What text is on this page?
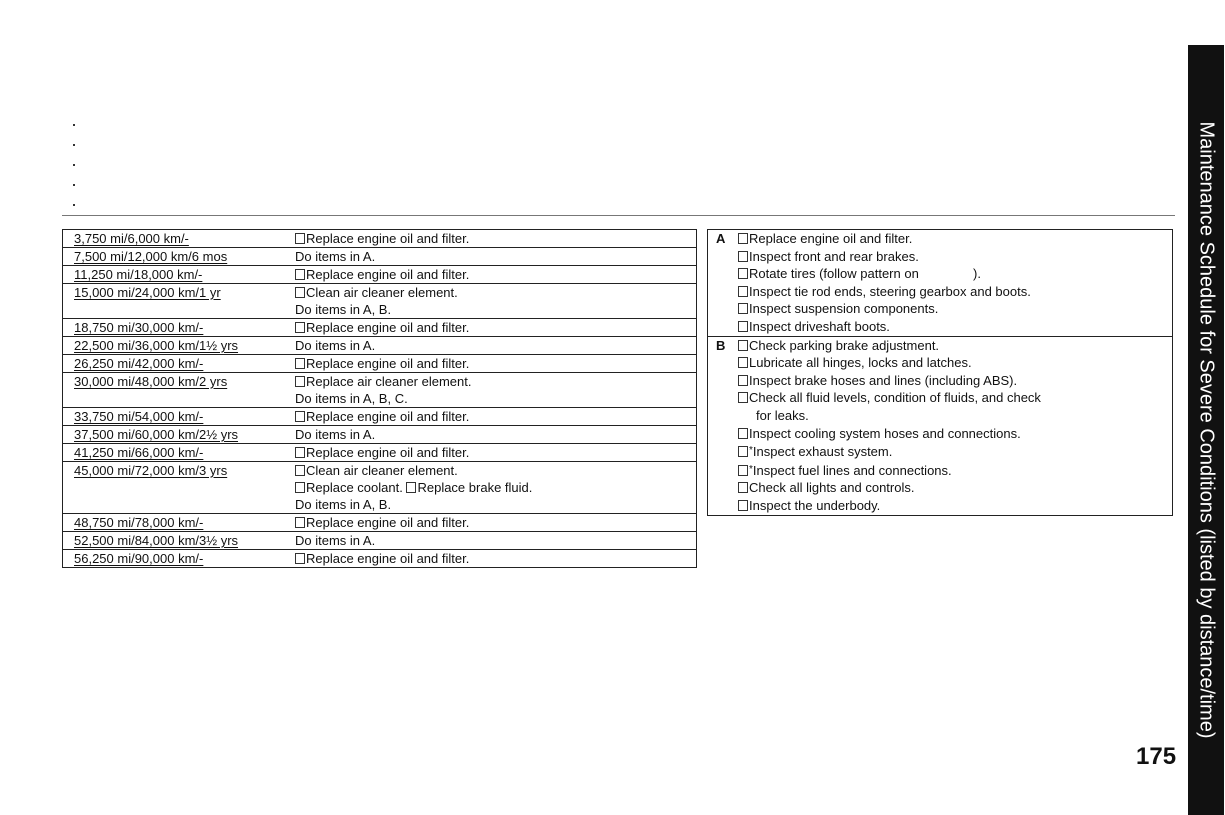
3,750 mi/6,000 km/-	Replace engine oil and filter.

7,500 mi/12,000 km/6 mos	Do items in A.

11,250 mi/18,000 km/-	Replace engine oil and filter.

15,000 mi/24,000 km/1 yr	Clean air cleaner element.
Do items in A, B.

18,750 mi/30,000 km/-	Replace engine oil and filter.

22,500 mi/36,000 km/1½ yrs	Do items in A.

26,250 mi/42,000 km/-	Replace engine oil and filter.

30,000 mi/48,000 km/2 yrs	Replace air cleaner element.
Do items in A, B, C.

33,750 mi/54,000 km/-	Replace engine oil and filter.

37,500 mi/60,000 km/2½ yrs	Do items in A.

41,250 mi/66,000 km/-	Replace engine oil and filter.

45,000 mi/72,000 km/3 yrs	Clean air cleaner element.
Replace coolant. Replace brake fluid.
Do items in A, B.

48,750 mi/78,000 km/-	Replace engine oil and filter.

52,500 mi/84,000 km/3½ yrs	Do items in A.

56,250 mi/90,000 km/-	Replace engine oil and filter.
A	Replace engine oil and filter.
Inspect front and rear brakes.
Rotate tires (follow pattern on               ).
Inspect tie rod ends, steering gearbox and boots.
Inspect suspension components.
Inspect driveshaft boots.
B	Check parking brake adjustment.
Lubricate all hinges, locks and latches.
Inspect brake hoses and lines (including ABS).
Check all fluid levels, condition of fluids, and check
for leaks.
Inspect cooling system hoses and connections.
*Inspect exhaust system.
*Inspect fuel lines and connections.
Check all lights and controls.
Inspect the underbody.	Maintenance Schedule for Severe Conditions (listed by distance/time)
175
